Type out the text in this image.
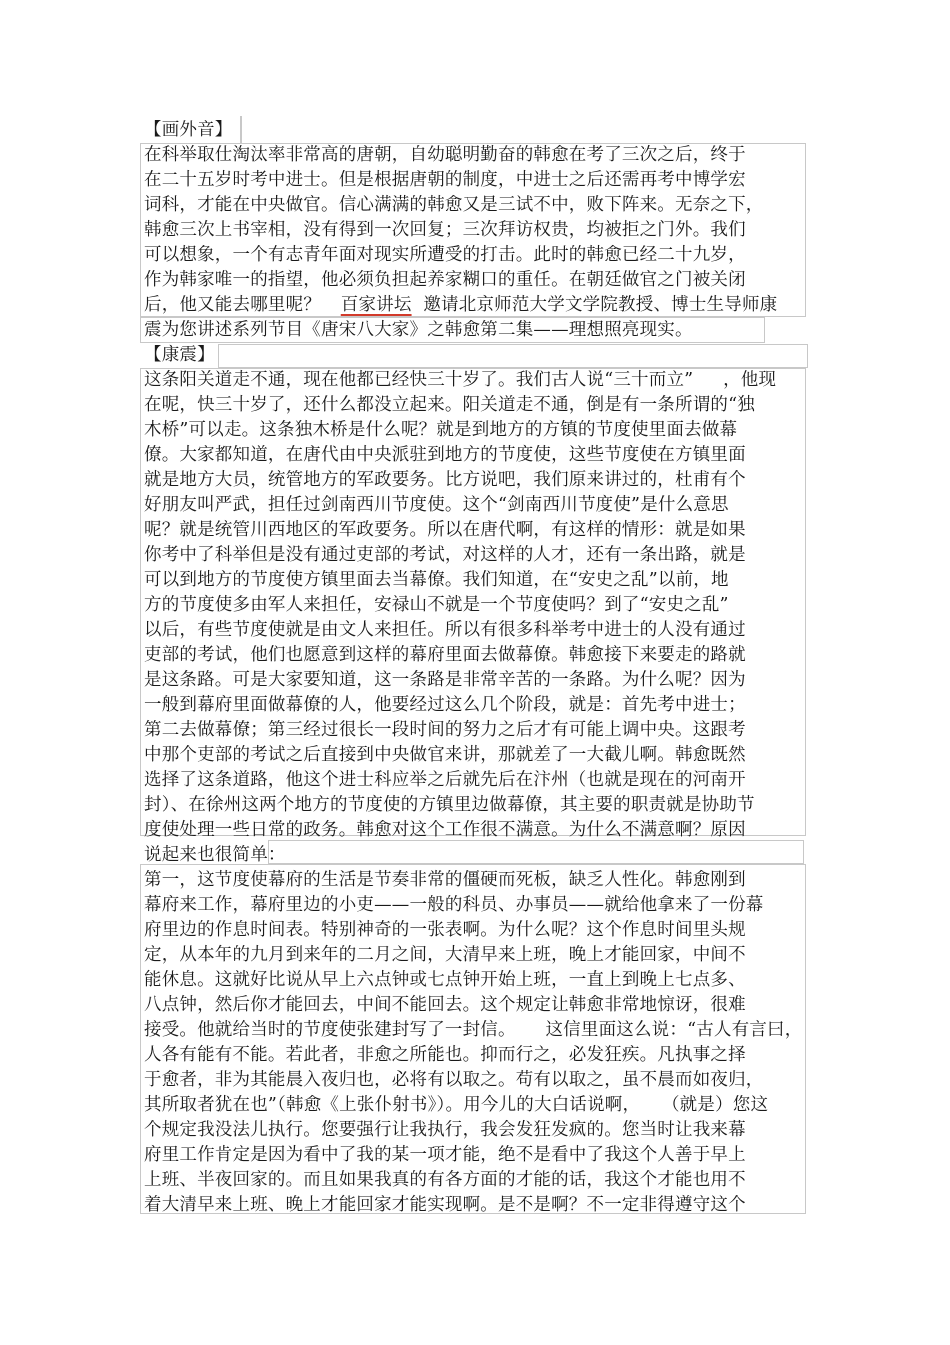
【画外音】
在科举取仕淘汰率非常高的唐朝，自幼聪明勤奋的韩愈在考了三次之后，终于
在二十五岁时考中进士。但是根据唐朝的制度，中进士之后还需再考中博学宏
词科，才能在中央做官。信心满满的韩愈又是三试不中，败下阵来。无奈之下，
韩愈三次上书宰相，没有得到一次回复；三次拜访权贵，均被拒之门外。我们
可以想象，一个有志青年面对现实所遭受的打击。此时的韩愈已经二十九岁，
作为韩家唯一的指望，他必须负担起养家糊口的重任。在朝廷做官之门被关闭
后，他又能去哪里呢？ 百家讲坛 邀请北京师范大学文学院教授、博士生导师康
震为您讲述系列节目《唐宋八大家》之韩愈第二集——理想照亮现实。
【康震】
这条阳关道走不通，现在他都已经快三十岁了。我们古人说“三十而立” ，他现
在呢，快三十岁了，还什么都没立起来。阳关道走不通，倒是有一条所谓的“独
木桥”可以走。这条独木桥是什么呢？就是到地方的方镇的节度使里面去做幕
僚。大家都知道，在唐代由中央派驻到地方的节度使，这些节度使在方镇里面
就是地方大员，统管地方的军政要务。比方说吧，我们原来讲过的，杜甫有个
好朋友叫严武，担任过剑南西川节度使。这个“剑南西川节度使”是什么意思
呢？就是统管川西地区的军政要务。所以在唐代啊，有这样的情形：就是如果
你考中了科举但是没有通过吏部的考试，对这样的人才，还有一条出路，就是
可以到地方的节度使方镇里面去当幕僚。我们知道，在“安史之乱”以前，地
方的节度使多由军人来担任，安禄山不就是一个节度使吗？到了“安史之乱”
以后，有些节度使就是由文人来担任。所以有很多科举考中进士的人没有通过
吏部的考试，他们也愿意到这样的幕府里面去做幕僚。韩愈接下来要走的路就
是这条路。可是大家要知道，这一条路是非常辛苦的一条路。为什么呢？因为
一般到幕府里面做幕僚的人，他要经过这么几个阶段，就是：首先考中进士；
第二去做幕僚；第三经过很长一段时间的努力之后才有可能上调中央。这跟考
中那个吏部的考试之后直接到中央做官来讲，那就差了一大截儿啊。韩愈既然
选择了这条道路，他这个进士科应举之后就先后在汴州（也就是现在的河南开
封）、在徐州这两个地方的节度使的方镇里边做幕僚，其主要的职责就是协助节
度使处理一些日常的政务。韩愈对这个工作很不满意。为什么不满意啊？原因
说起来也很简单：
第一，这节度使幕府的生活是节奏非常的僵硬而死板，缺乏人性化。韩愈刚到
幕府来工作，幕府里边的小吏——一般的科员、办事员——就给他拿来了一份幕
府里边的作息时间表。特别神奇的一张表啊。为什么呢？这个作息时间里头规
定，从本年的九月到来年的二月之间，大清早来上班，晚上才能回家，中间不
能休息。这就好比说从早上六点钟或七点钟开始上班，一直上到晚上七点多、
八点钟，然后你才能回去，中间不能回去。这个规定让韩愈非常地惊讶，很难
接受。他就给当时的节度使张建封写了一封信。 这信里面这么说：“古人有言曰，
人各有能有不能。若此者，非愈之所能也。抑而行之，必发狂疾。凡执事之择
于愈者，非为其能晨入夜归也，必将有以取之。苟有以取之，虽不晨而如夜归，
其所取者犹在也”（韩愈《上张仆射书》）。用今儿的大白话说啊， （就是）您这
个规定我没法儿执行。您要强行让我执行，我会发狂发疯的。您当时让我来幕
府里工作肯定是因为看中了我的某一项才能，绝不是看中了我这个人善于早上
上班、半夜回家的。而且如果我真的有各方面的才能的话，我这个才能也用不
着大清早来上班、晚上才能回家才能实现啊。是不是啊？不一定非得遵守这个
